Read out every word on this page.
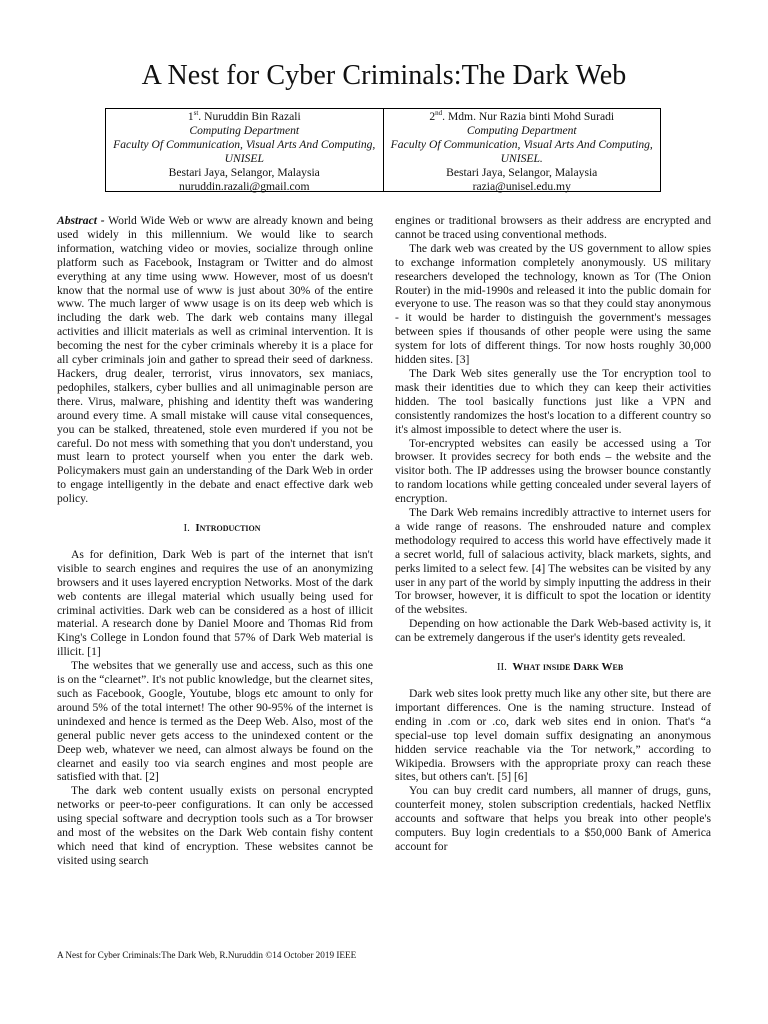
A Nest for Cyber Criminals:The Dark Web
1st. Nuruddin Bin Razali
Computing Department
Faculty Of Communication, Visual Arts And Computing, UNISEL
Bestari Jaya, Selangor, Malaysia
nuruddin.razali@gmail.com
2nd. Mdm. Nur Razia binti Mohd Suradi
Computing Department
Faculty Of Communication, Visual Arts And Computing, UNISEL.
Bestari Jaya, Selangor, Malaysia
razia@unisel.edu.my

Abstract - World Wide Web or www are already known and being used widely in this millennium. We would like to search information, watching video or movies, socialize through online platform such as Facebook, Instagram or Twitter and do almost everything at any time using www. However, most of us doesn't know that the normal use of www is just about 30% of the entire www. The much larger of www usage is on its deep web which is including the dark web. The dark web contains many illegal activities and illicit materials as well as criminal intervention. It is becoming the nest for the cyber criminals whereby it is a place for all cyber criminals join and gather to spread their seed of darkness. Hackers, drug dealer, terrorist, virus innovators, sex maniacs, pedophiles, stalkers, cyber bullies and all unimaginable person are there. Virus, malware, phishing and identity theft was wandering around every time. A small mistake will cause vital consequences, you can be stalked, threatened, stole even murdered if you not be careful. Do not mess with something that you don't understand, you must learn to protect yourself when you enter the dark web. Policymakers must gain an understanding of the Dark Web in order to engage intelligently in the debate and enact effective dark web policy.

I. Introduction

As for definition, Dark Web is part of the internet that isn't visible to search engines and requires the use of an anonymizing browsers and it uses layered encryption Networks. Most of the dark web contents are illegal material which usually being used for criminal activities. Dark web can be considered as a host of illicit material. A research done by Daniel Moore and Thomas Rid from King's College in London found that 57% of Dark Web material is illicit. [1]

The websites that we generally use and access, such as this one is on the “clearnet”. It's not public knowledge, but the clearnet sites, such as Facebook, Google, Youtube, blogs etc amount to only for around 5% of the total internet! The other 90-95% of the internet is unindexed and hence is termed as the Deep Web. Also, most of the general public never gets access to the unindexed content or the Deep web, whatever we need, can almost always be found on the clearnet and easily too via search engines and most people are satisfied with that. [2]

The dark web content usually exists on personal encrypted networks or peer-to-peer configurations. It can only be accessed using special software and decryption tools such as a Tor browser and most of the websites on the Dark Web contain fishy content which need that kind of encryption. These websites cannot be visited using search

engines or traditional browsers as their address are encrypted and cannot be traced using conventional methods.

The dark web was created by the US government to allow spies to exchange information completely anonymously. US military researchers developed the technology, known as Tor (The Onion Router) in the mid-1990s and released it into the public domain for everyone to use. The reason was so that they could stay anonymous - it would be harder to distinguish the government's messages between spies if thousands of other people were using the same system for lots of different things. Tor now hosts roughly 30,000 hidden sites. [3]

The Dark Web sites generally use the Tor encryption tool to mask their identities due to which they can keep their activities hidden. The tool basically functions just like a VPN and consistently randomizes the host's location to a different country so it's almost impossible to detect where the user is.

Tor-encrypted websites can easily be accessed using a Tor browser. It provides secrecy for both ends – the website and the visitor both. The IP addresses using the browser bounce constantly to random locations while getting concealed under several layers of encryption.

The Dark Web remains incredibly attractive to internet users for a wide range of reasons. The enshrouded nature and complex methodology required to access this world have effectively made it a secret world, full of salacious activity, black markets, sights, and perks limited to a select few. [4] The websites can be visited by any user in any part of the world by simply inputting the address in their Tor browser, however, it is difficult to spot the location or identity of the websites.

Depending on how actionable the Dark Web-based activity is, it can be extremely dangerous if the user's identity gets revealed.

II. What inside Dark Web

Dark web sites look pretty much like any other site, but there are important differences. One is the naming structure. Instead of ending in .com or .co, dark web sites end in onion. That's “a special-use top level domain suffix designating an anonymous hidden service reachable via the Tor network,” according to Wikipedia. Browsers with the appropriate proxy can reach these sites, but others can't. [5] [6]

You can buy credit card numbers, all manner of drugs, guns, counterfeit money, stolen subscription credentials, hacked Netflix accounts and software that helps you break into other people's computers. Buy login credentials to a $50,000 Bank of America account for

A Nest for Cyber Criminals:The Dark Web, R.Nuruddin ©14 October 2019 IEEE
